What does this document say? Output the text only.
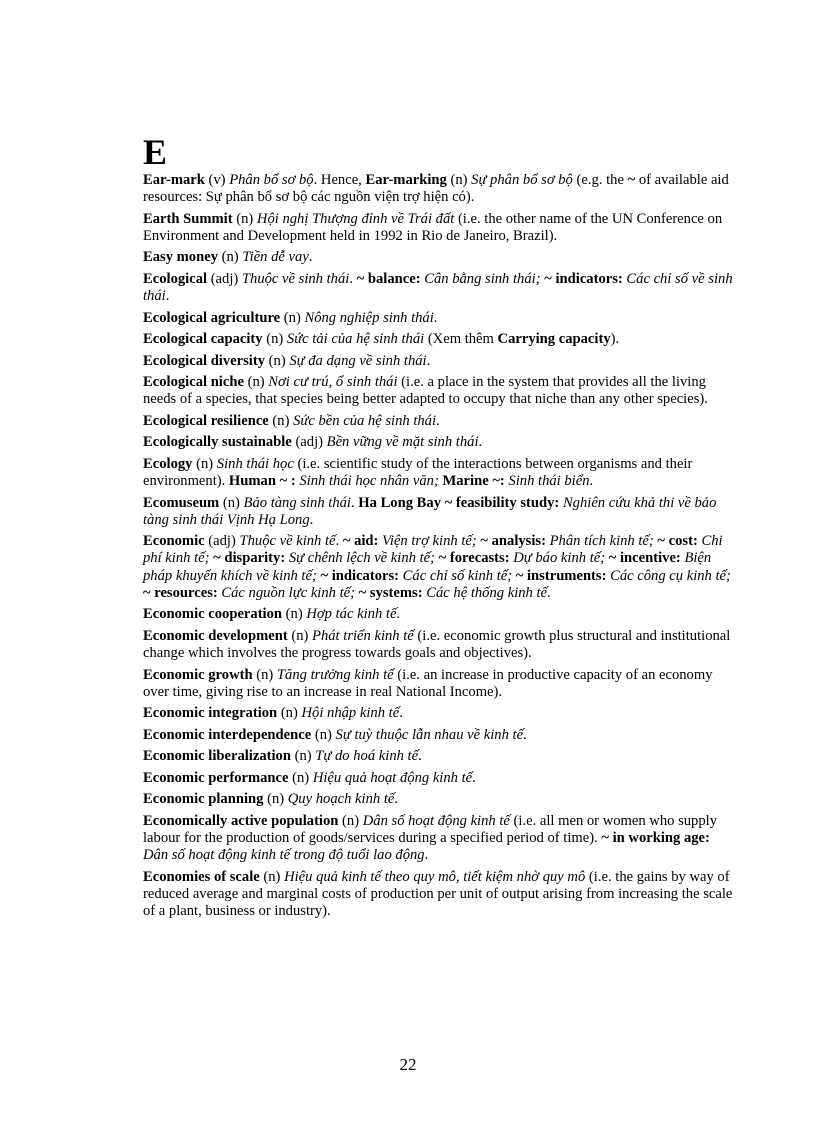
E

Ear-mark (v) Phân bổ sơ bộ. Hence, Ear-marking (n) Sự phân bổ sơ bộ (e.g. the ~ of available aid resources: Sự phân bổ sơ bộ các nguồn viện trợ hiện có).

Earth Summit (n) Hội nghị Thượng đỉnh về Trái đất (i.e. the other name of the UN Conference on Environment and Development held in 1992 in Rio de Janeiro, Brazil).

Easy money (n) Tiền dễ vay.

Ecological (adj) Thuộc về sinh thái. ~ balance: Cân bằng sinh thái; ~ indicators: Các chỉ số về sinh thái.

Ecological agriculture (n) Nông nghiệp sinh thái.

Ecological capacity (n) Sức tải của hệ sinh thái (Xem thêm Carrying capacity).

Ecological diversity (n) Sự đa dạng về sinh thái.

Ecological niche (n) Nơi cư trú, ổ sinh thái (i.e. a place in the system that provides all the living needs of a species, that species being better adapted to occupy that niche than any other species).

Ecological resilience (n) Sức bền của hệ sinh thái.

Ecologically sustainable (adj) Bền vững về mặt sinh thái.

Ecology (n) Sinh thái học (i.e. scientific study of the interactions between organisms and their environment). Human ~ : Sinh thái học nhân văn; Marine ~: Sinh thái biển.

Ecomuseum (n) Bảo tàng sinh thái. Ha Long Bay ~ feasibility study: Nghiên cứu khả thi về bảo tàng sinh thái Vịnh Hạ Long.

Economic (adj) Thuộc về kinh tế. ~ aid: Viện trợ kinh tế; ~ analysis: Phân tích kinh tế; ~ cost: Chi phí kinh tế; ~ disparity: Sự chênh lệch về kinh tế; ~ forecasts: Dự báo kinh tế; ~ incentive: Biện pháp khuyến khích về kinh tế; ~ indicators: Các chỉ số kinh tế; ~ instruments: Các công cụ kinh tế; ~ resources: Các nguồn lực kinh tế; ~ systems: Các hệ thống kinh tế.

Economic cooperation (n) Hợp tác kinh tế.

Economic development (n) Phát triển kinh tế (i.e. economic growth plus structural and institutional change which involves the progress towards goals and objectives).

Economic growth (n) Tăng trưởng kinh tế (i.e. an increase in productive capacity of an economy over time, giving rise to an increase in real National Income).

Economic integration (n) Hội nhập kinh tế.

Economic interdependence (n) Sự tuỳ thuộc lẫn nhau về kinh tế.

Economic liberalization (n) Tự do hoá kinh tế.

Economic performance (n) Hiệu quả hoạt động kinh tế.

Economic planning (n) Quy hoạch kinh tế.

Economically active population (n) Dân số hoạt động kinh tế (i.e. all men or women who supply labour for the production of goods/services during a specified period of time). ~ in working age: Dân số hoạt động kinh tế trong độ tuổi lao động.

Economies of scale (n) Hiệu quả kinh tế theo quy mô, tiết kiệm nhờ quy mô (i.e. the gains by way of reduced average and marginal costs of production per unit of output arising from increasing the scale of a plant, business or industry).

22
